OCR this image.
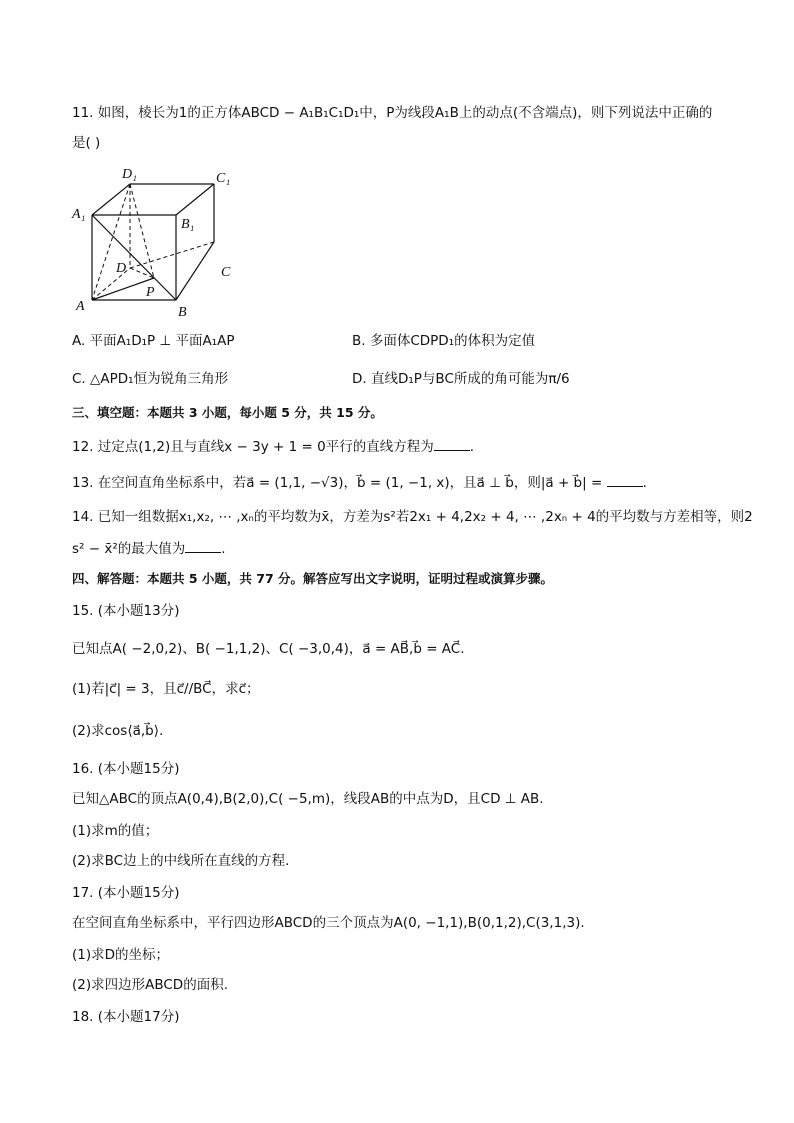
11. 如图，棱长为1的正方体ABCD − A₁B₁C₁D₁中，P为线段A₁B上的动点(不含端点)，则下列说法中正确的
是( )
D₁	C₁
A₁
B₁
D	C
P
A	B
A. 平面A₁D₁P ⊥ 平面A₁AP	B. 多面体CDPD₁的体积为定值
C. △APD₁恒为锐角三角形	D. 直线D₁P与BC所成的角可能为π/6
三、填空题：本题共 3 小题，每小题 5 分，共 15 分。
12. 过定点(1,2)且与直线x − 3y + 1 = 0平行的直线方程为	.
13. 在空间直角坐标系中，若a⃗ = (1,1, −√3)，b⃗ = (1, −1, x)，且a⃗ ⊥ b⃗，则|a⃗ + b⃗| =	.
14. 已知一组数据x₁,x₂, ⋯ ,xₙ的平均数为x̄，方差为s²若2x₁ + 4,2x₂ + 4, ⋯ ,2xₙ + 4的平均数与方差相等，则2
s² − x̄²的最大值为	.
四、解答题：本题共 5 小题，共 77 分。解答应写出文字说明，证明过程或演算步骤。
15. (本小题13分)
已知点A( −2,0,2)、B( −1,1,2)、C( −3,0,4)，a⃗ = AB⃗,b⃗ = AC⃗.
(1)若|c⃗| = 3，且c⃗//BC⃗，求c⃗；
(2)求cos⟨a⃗,b⃗⟩.
16. (本小题15分)
已知△ABC的顶点A(0,4),B(2,0),C( −5,m)，线段AB的中点为D，且CD ⊥ AB.
(1)求m的值；
(2)求BC边上的中线所在直线的方程.
17. (本小题15分)
在空间直角坐标系中，平行四边形ABCD的三个顶点为A(0, −1,1),B(0,1,2),C(3,1,3).
(1)求D的坐标；
(2)求四边形ABCD的面积.
18. (本小题17分)
